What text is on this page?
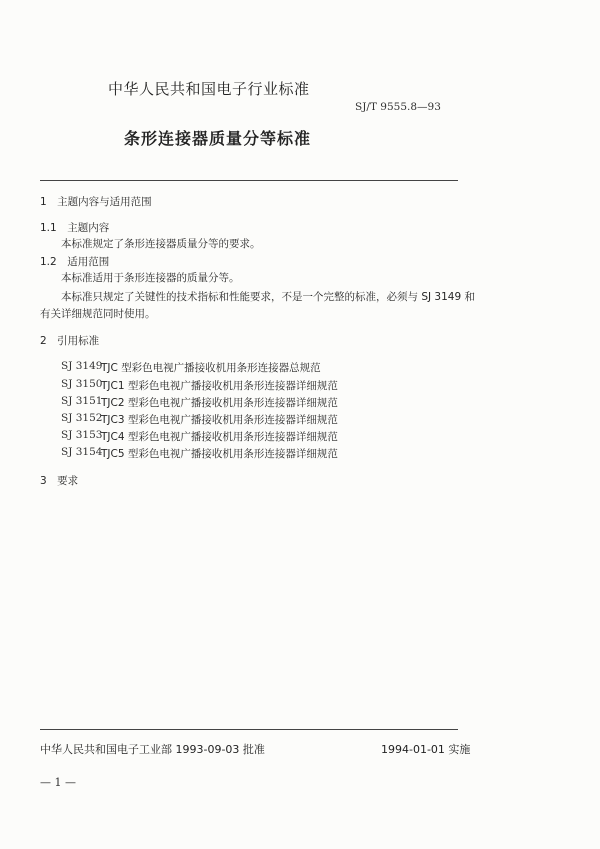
中华人民共和国电子行业标准
SJ/T 9555.8—93
条形连接器质量分等标准
1　主题内容与适用范围
1.1　主题内容
本标准规定了条形连接器质量分等的要求。
1.2　适用范围
本标准适用于条形连接器的质量分等。
本标准只规定了关键性的技术指标和性能要求，不是一个完整的标准，必须与 SJ 3149 和
有关详细规范同时使用。
2　引用标准
SJ 3149
TJC 型彩色电视广播接收机用条形连接器总规范
SJ 3150
TJC1 型彩色电视广播接收机用条形连接器详细规范
SJ 3151
TJC2 型彩色电视广播接收机用条形连接器详细规范
SJ 3152
TJC3 型彩色电视广播接收机用条形连接器详细规范
SJ 3153
TJC4 型彩色电视广播接收机用条形连接器详细规范
SJ 3154
TJC5 型彩色电视广播接收机用条形连接器详细规范
3　要求
中华人民共和国电子工业部 1993-09-03 批准	1994-01-01 实施
— 1 —
